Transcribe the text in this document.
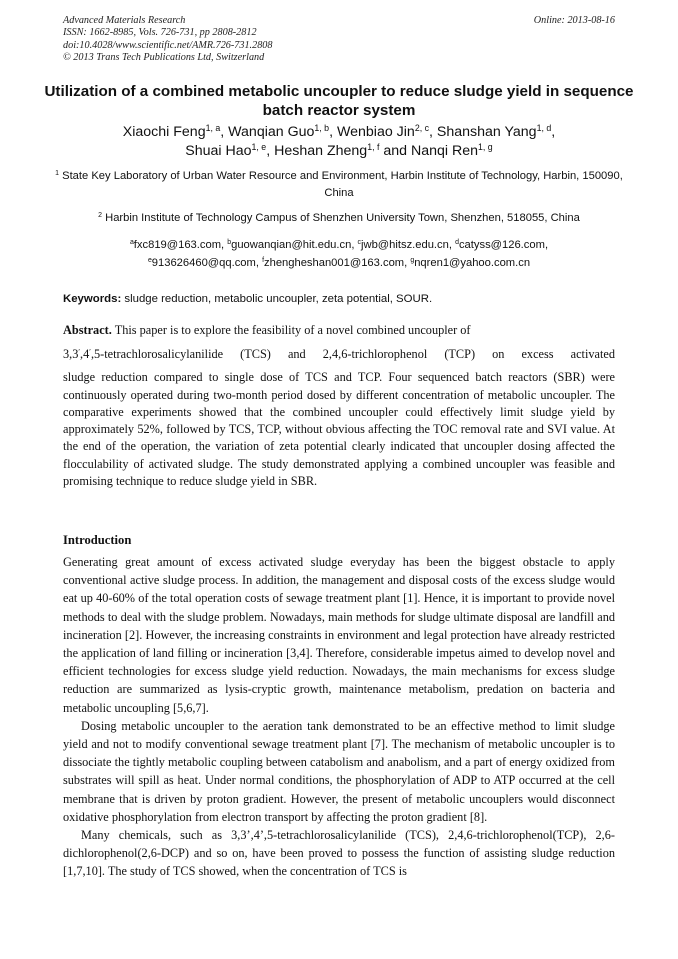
Advanced Materials Research
ISSN: 1662-8985, Vols. 726-731, pp 2808-2812
doi:10.4028/www.scientific.net/AMR.726-731.2808
© 2013 Trans Tech Publications Ltd, Switzerland
Online: 2013-08-16
Utilization of a combined metabolic uncoupler to reduce sludge yield in sequence batch reactor system
Xiaochi Feng$^{1, a}$, Wanqian Guo$^{1, b}$, Wenbiao Jin$^{2, c}$, Shanshan Yang$^{1, d}$,
Shuai Hao$^{1, e}$, Heshan Zheng$^{1, f}$ and Nanqi Ren$^{1, g}$
$^1$ State Key Laboratory of Urban Water Resource and Environment, Harbin Institute of Technology, Harbin, 150090, China
$^2$ Harbin Institute of Technology Campus of Shenzhen University Town, Shenzhen, 518055, China
$^a$fxc819@163.com, $^b$guowanqian@hit.edu.cn, $^c$jwb@hitsz.edu.cn, $^d$catyss@126.com,
$^e$913626460@qq.com, $^f$zhengheshan001@163.com, $^g$nqren1@yahoo.com.cn
Keywords: sludge reduction, metabolic uncoupler, zeta potential, SOUR.
Abstract. This paper is to explore the feasibility of a novel combined uncoupler of
3,3′,4′,5-tetrachlorosalicylanilide (TCS) and 2,4,6-trichlorophenol (TCP) on excess activated
sludge reduction compared to single dose of TCS and TCP. Four sequenced batch reactors (SBR) were continuously operated during two-month period dosed by different concentration of metabolic uncoupler. The comparative experiments showed that the combined uncoupler could effectively limit sludge yield by approximately 52%, followed by TCS, TCP, without obvious affecting the TOC removal rate and SVI value. At the end of the operation, the variation of zeta potential clearly indicated that uncoupler dosing affected the flocculability of activated sludge. The study demonstrated applying a combined uncoupler was feasible and promising technique to reduce sludge yield in SBR.
Introduction

Generating great amount of excess activated sludge everyday has been the biggest obstacle to apply conventional active sludge process. In addition, the management and disposal costs of the excess sludge would eat up 40-60% of the total operation costs of sewage treatment plant [1]. Hence, it is important to provide novel methods to deal with the sludge problem. Nowadays, main methods for sludge ultimate disposal are landfill and incineration [2]. However, the increasing constraints in environment and legal protection have already restricted the application of land filling or incineration [3,4]. Therefore, considerable impetus aimed to develop novel and efficient technologies for excess sludge yield reduction. Nowadays, the main mechanisms for excess sludge reduction are summarized as lysis-cryptic growth, maintenance metabolism, predation on bacteria and metabolic uncoupling [5,6,7].

Dosing metabolic uncoupler to the aeration tank demonstrated to be an effective method to limit sludge yield and not to modify conventional sewage treatment plant [7]. The mechanism of metabolic uncoupler is to dissociate the tightly metabolic coupling between catabolism and anabolism, and a part of energy oxidized from substrates will spill as heat. Under normal conditions, the phosphorylation of ADP to ATP occurred at the cell membrane that is driven by proton gradient. However, the present of metabolic uncouplers would disconnect oxidative phosphorylation from electron transport by affecting the proton gradient [8].

Many chemicals, such as 3,3’,4’,5-tetrachlorosalicylanilide (TCS), 2,4,6-trichlorophenol(TCP), 2,6-dichlorophenol(2,6-DCP) and so on, have been proved to possess the function of assisting sludge reduction [1,7,10]. The study of TCS showed, when the concentration of TCS is
